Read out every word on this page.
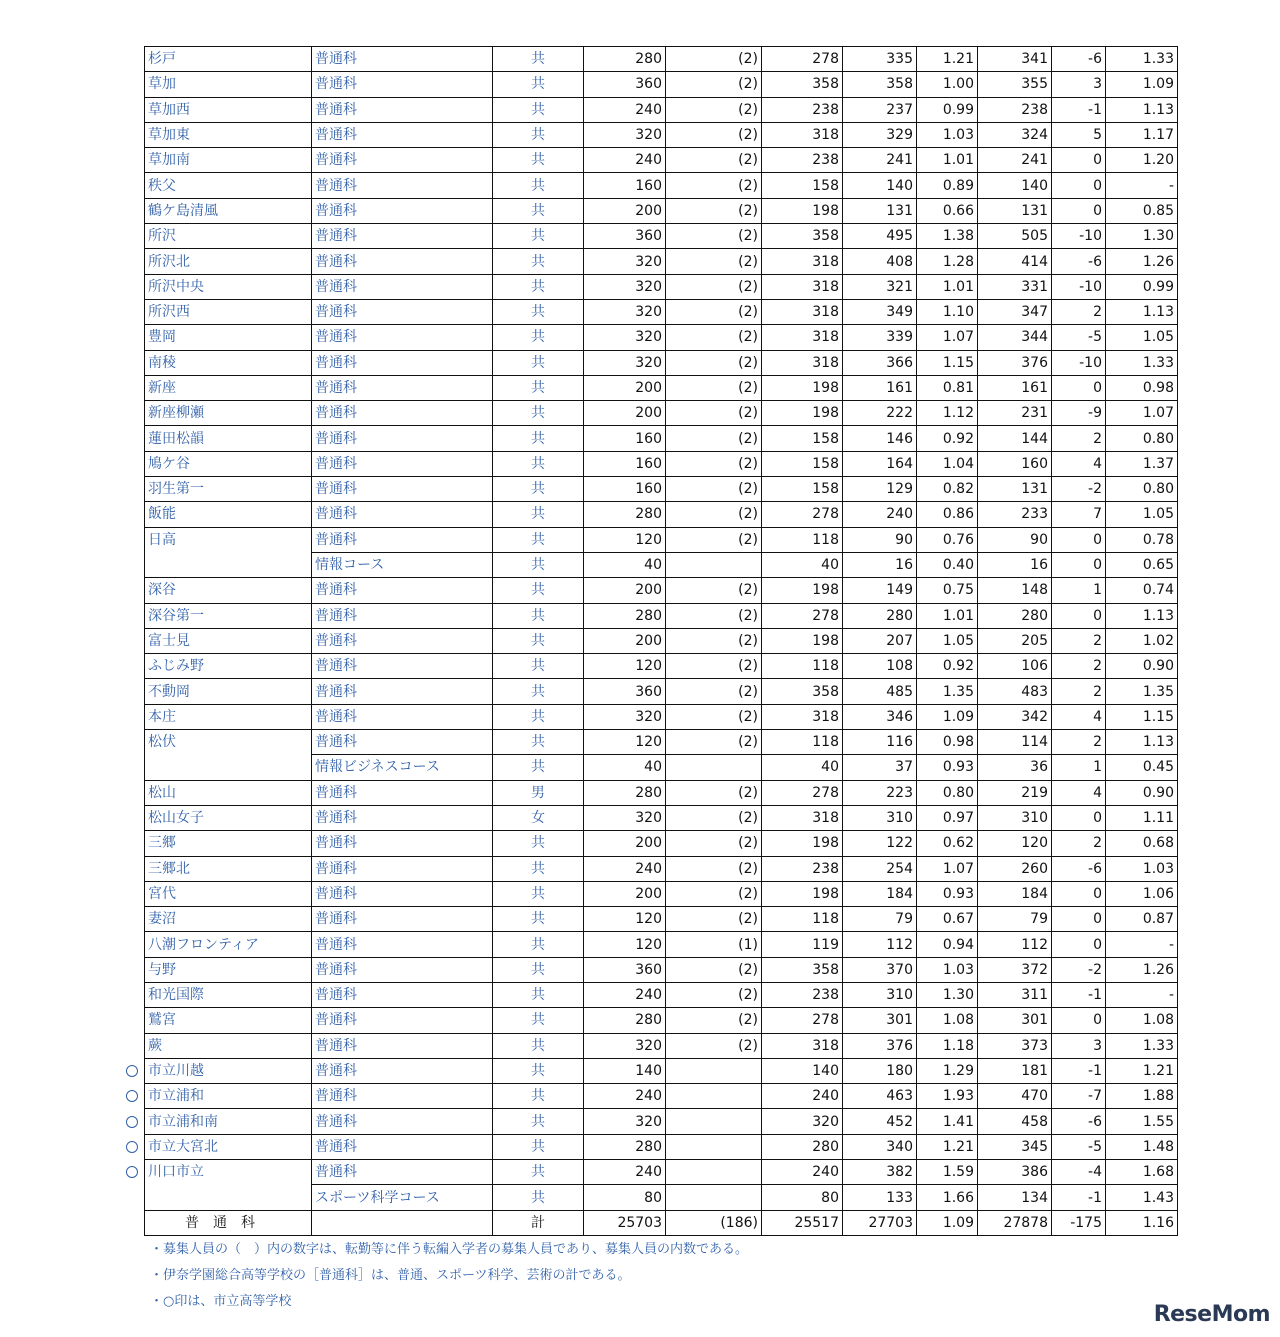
杉戸	普通科	共	280	(2)	278	335	1.21	341	-6	1.33
草加	普通科	共	360	(2)	358	358	1.00	355	3	1.09
草加西	普通科	共	240	(2)	238	237	0.99	238	-1	1.13
草加東	普通科	共	320	(2)	318	329	1.03	324	5	1.17
草加南	普通科	共	240	(2)	238	241	1.01	241	0	1.20
秩父	普通科	共	160	(2)	158	140	0.89	140	0	-
鶴ケ島清風	普通科	共	200	(2)	198	131	0.66	131	0	0.85
所沢	普通科	共	360	(2)	358	495	1.38	505	-10	1.30
所沢北	普通科	共	320	(2)	318	408	1.28	414	-6	1.26
所沢中央	普通科	共	320	(2)	318	321	1.01	331	-10	0.99
所沢西	普通科	共	320	(2)	318	349	1.10	347	2	1.13
豊岡	普通科	共	320	(2)	318	339	1.07	344	-5	1.05
南稜	普通科	共	320	(2)	318	366	1.15	376	-10	1.33
新座	普通科	共	200	(2)	198	161	0.81	161	0	0.98
新座柳瀬	普通科	共	200	(2)	198	222	1.12	231	-9	1.07
蓮田松韻	普通科	共	160	(2)	158	146	0.92	144	2	0.80
鳩ケ谷	普通科	共	160	(2)	158	164	1.04	160	4	1.37
羽生第一	普通科	共	160	(2)	158	129	0.82	131	-2	0.80
飯能	普通科	共	280	(2)	278	240	0.86	233	7	1.05
日高	普通科	共	120	(2)	118	90	0.76	90	0	0.78
	情報コース	共	40		40	16	0.40	16	0	0.65
深谷	普通科	共	200	(2)	198	149	0.75	148	1	0.74
深谷第一	普通科	共	280	(2)	278	280	1.01	280	0	1.13
富士見	普通科	共	200	(2)	198	207	1.05	205	2	1.02
ふじみ野	普通科	共	120	(2)	118	108	0.92	106	2	0.90
不動岡	普通科	共	360	(2)	358	485	1.35	483	2	1.35
本庄	普通科	共	320	(2)	318	346	1.09	342	4	1.15
松伏	普通科	共	120	(2)	118	116	0.98	114	2	1.13
	情報ビジネスコース	共	40		40	37	0.93	36	1	0.45
松山	普通科	男	280	(2)	278	223	0.80	219	4	0.90
松山女子	普通科	女	320	(2)	318	310	0.97	310	0	1.11
三郷	普通科	共	200	(2)	198	122	0.62	120	2	0.68
三郷北	普通科	共	240	(2)	238	254	1.07	260	-6	1.03
宮代	普通科	共	200	(2)	198	184	0.93	184	0	1.06
妻沼	普通科	共	120	(2)	118	79	0.67	79	0	0.87
八潮フロンティア	普通科	共	120	(1)	119	112	0.94	112	0	-
与野	普通科	共	360	(2)	358	370	1.03	372	-2	1.26
和光国際	普通科	共	240	(2)	238	310	1.30	311	-1	-
鷲宮	普通科	共	280	(2)	278	301	1.08	301	0	1.08
蕨	普通科	共	320	(2)	318	376	1.18	373	3	1.33
市立川越	普通科	共	140		140	180	1.29	181	-1	1.21
市立浦和	普通科	共	240		240	463	1.93	470	-7	1.88
市立浦和南	普通科	共	320		320	452	1.41	458	-6	1.55
市立大宮北	普通科	共	280		280	340	1.21	345	-5	1.48
川口市立	普通科	共	240		240	382	1.59	386	-4	1.68
	スポーツ科学コース	共	80		80	133	1.66	134	-1	1.43
普　通　科		計	25703	(186)	25517	27703	1.09	27878	-175	1.16
・募集人員の（　）内の数字は、転勤等に伴う転編入学者の募集人員であり、募集人員の内数である。
・伊奈学園総合高等学校の［普通科］は、普通、スポーツ科学、芸術の計である。
・○印は、市立高等学校
ReseMom
